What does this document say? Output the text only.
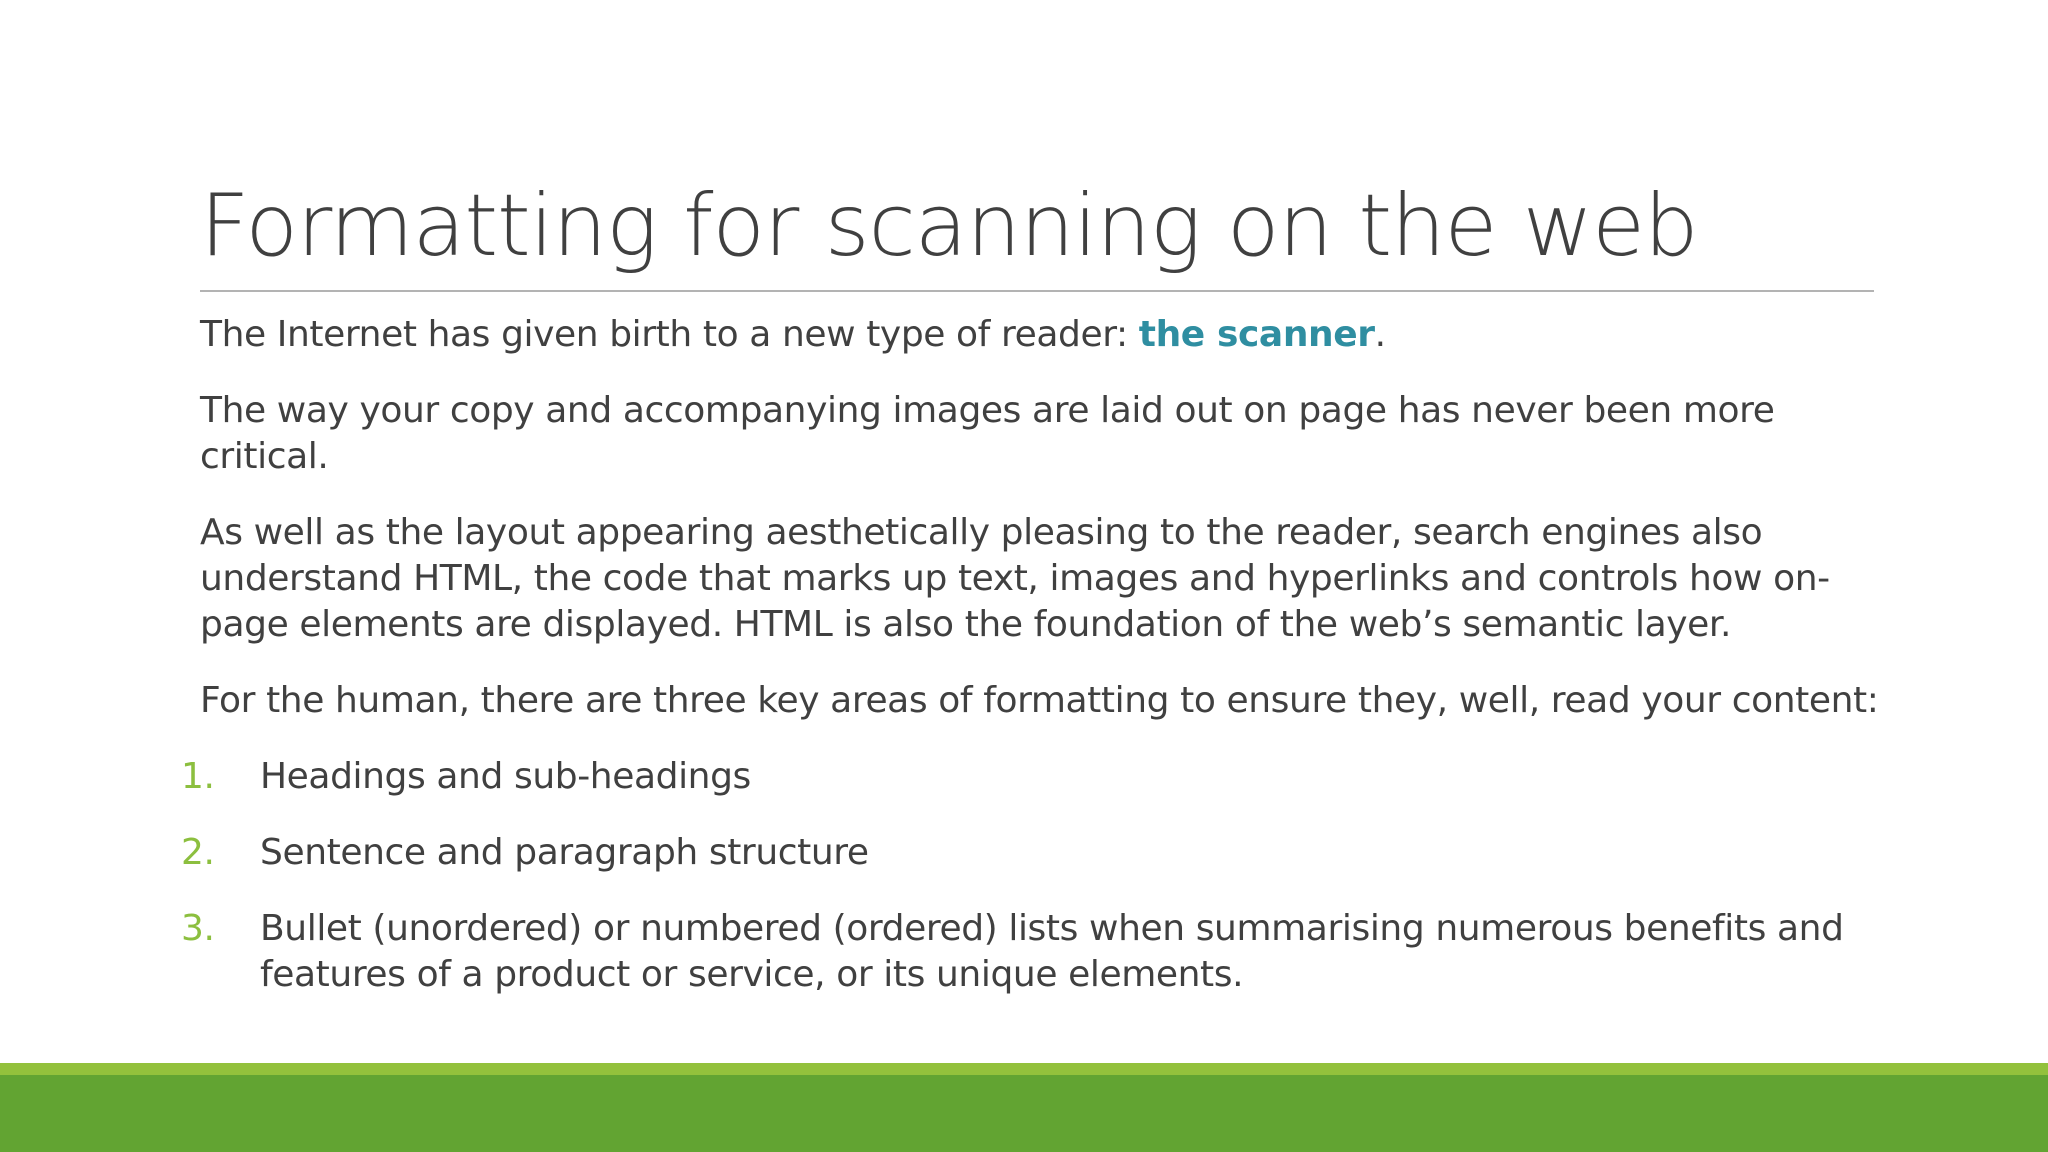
Formatting for scanning on the web

The Internet has given birth to a new type of reader: the scanner.

The way your copy and accompanying images are laid out on page has never been more critical.

As well as the layout appearing aesthetically pleasing to the reader, search engines also understand HTML, the code that marks up text, images and hyperlinks and controls how on-page elements are displayed. HTML is also the foundation of the web’s semantic layer.

For the human, there are three key areas of formatting to ensure they, well, read your content:

1. Headings and sub-headings
2. Sentence and paragraph structure
3. Bullet (unordered) or numbered (ordered) lists when summarising numerous benefits and features of a product or service, or its unique elements.
